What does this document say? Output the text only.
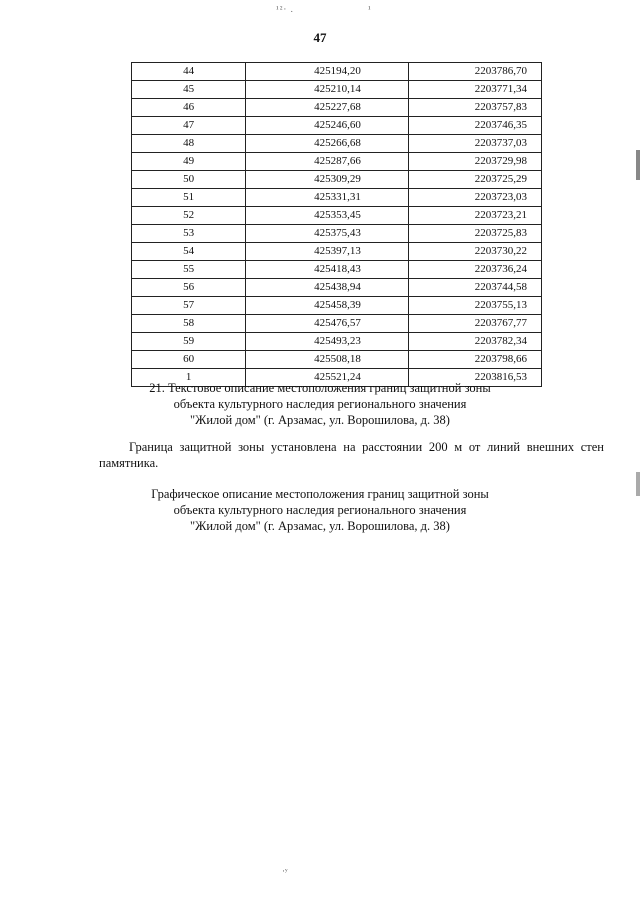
¹²· .	¹
47
44	425194,20	2203786,70
45	425210,14	2203771,34
46	425227,68	2203757,83
47	425246,60	2203746,35
48	425266,68	2203737,03
49	425287,66	2203729,98
50	425309,29	2203725,29
51	425331,31	2203723,03
52	425353,45	2203723,21
53	425375,43	2203725,83
54	425397,13	2203730,22
55	425418,43	2203736,24
56	425438,94	2203744,58
57	425458,39	2203755,13
58	425476,57	2203767,77
59	425493,23	2203782,34
60	425508,18	2203798,66
1	425521,24	2203816,53
21. Текстовое описание местоположения границ защитной зоны
объекта культурного наследия регионального значения
"Жилой дом" (г. Арзамас, ул. Ворошилова, д. 38)
Граница защитной зоны установлена на расстоянии 200 м от линий внешних стен памятника.
Графическое описание местоположения границ защитной зоны
объекта культурного наследия регионального значения
"Жилой дом" (г. Арзамас, ул. Ворошилова, д. 38)
·ʸ
